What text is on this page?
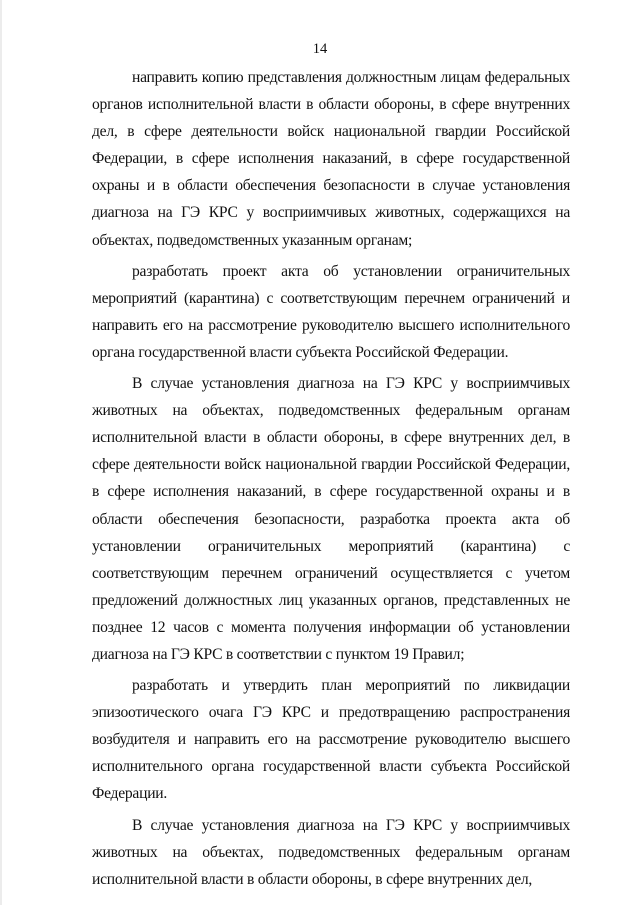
14

направить копию представления должностным лицам федеральных органов исполнительной власти в области обороны, в сфере внутренних дел, в сфере деятельности войск национальной гвардии Российской Федерации, в сфере исполнения наказаний, в сфере государственной охраны и в области обеспечения безопасности в случае установления диагноза на ГЭ КРС у восприимчивых животных, содержащихся на объектах, подведомственных указанным органам;

разработать проект акта об установлении ограничительных мероприятий (карантина) с соответствующим перечнем ограничений и направить его на рассмотрение руководителю высшего исполнительного органа государственной власти субъекта Российской Федерации.

В случае установления диагноза на ГЭ КРС у восприимчивых животных на объектах, подведомственных федеральным органам исполнительной власти в области обороны, в сфере внутренних дел, в сфере деятельности войск национальной гвардии Российской Федерации, в сфере исполнения наказаний, в сфере государственной охраны и в области обеспечения безопасности, разработка проекта акта об установлении ограничительных мероприятий (карантина) с соответствующим перечнем ограничений осуществляется с учетом предложений должностных лиц указанных органов, представленных не позднее 12 часов с момента получения информации об установлении диагноза на ГЭ КРС в соответствии с пунктом 19 Правил;

разработать и утвердить план мероприятий по ликвидации эпизоотического очага ГЭ КРС и предотвращению распространения возбудителя и направить его на рассмотрение руководителю высшего исполнительного органа государственной власти субъекта Российской Федерации.

В случае установления диагноза на ГЭ КРС у восприимчивых животных на объектах, подведомственных федеральным органам исполнительной власти в области обороны, в сфере внутренних дел,
